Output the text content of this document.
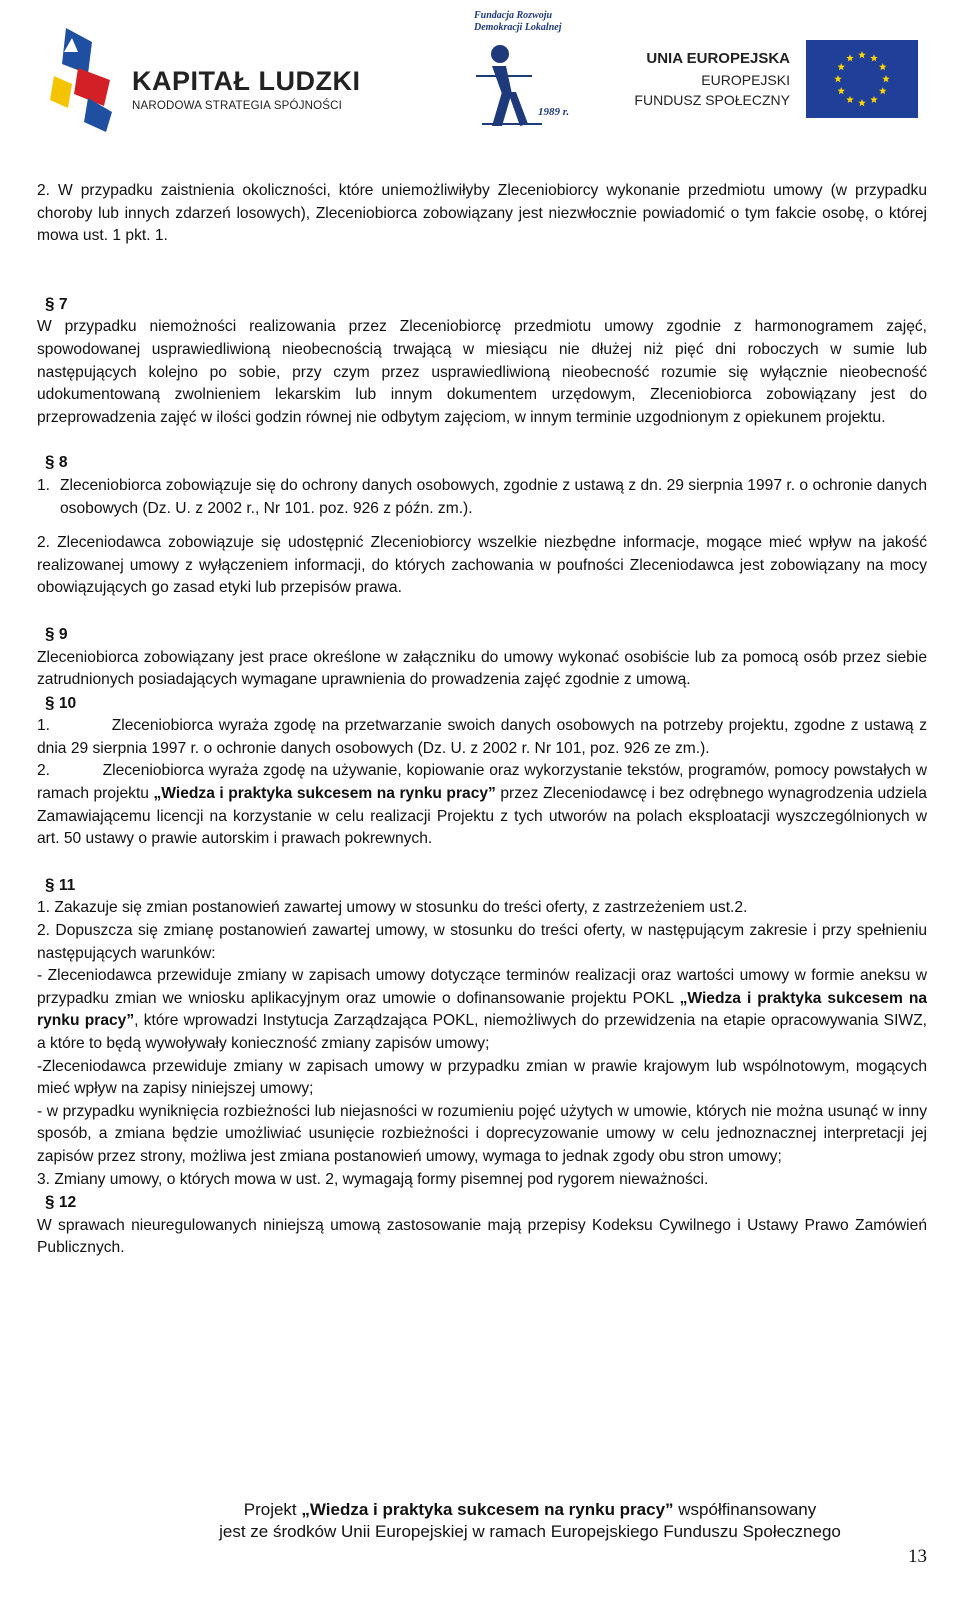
KAPITAŁ LUDZKI
NARODOWA STRATEGIA SPÓJNOŚCI
Fundacja Rozwoju
Demokracji Lokalnej
1989 r.
UNIA EUROPEJSKA
EUROPEJSKI
FUNDUSZ SPOŁECZNY

2. W przypadku zaistnienia okoliczności, które uniemożliwiłyby Zleceniobiorcy wykonanie przedmiotu umowy (w przypadku choroby lub innych zdarzeń losowych), Zleceniobiorca zobowiązany jest niezwłocznie powiadomić o tym fakcie osobę, o której mowa ust. 1 pkt. 1.

§ 7

W przypadku niemożności realizowania przez Zleceniobiorcę przedmiotu umowy zgodnie z harmonogramem zajęć, spowodowanej usprawiedliwioną nieobecnością trwającą w miesiącu nie dłużej niż pięć dni roboczych w sumie lub następujących kolejno po sobie, przy czym przez usprawiedliwioną nieobecność rozumie się wyłącznie nieobecność udokumentowaną zwolnieniem lekarskim lub innym dokumentem urzędowym, Zleceniobiorca zobowiązany jest do przeprowadzenia zajęć w ilości godzin równej nie odbytym zajęciom, w innym terminie uzgodnionym z opiekunem projektu.

§ 8

1. Zleceniobiorca zobowiązuje się do ochrony danych osobowych, zgodnie z ustawą z dn. 29 sierpnia 1997 r. o ochronie danych osobowych (Dz. U. z 2002 r., Nr 101. poz. 926 z późn. zm.).

2. Zleceniodawca zobowiązuje się udostępnić Zleceniobiorcy wszelkie niezbędne informacje, mogące mieć wpływ na jakość realizowanej umowy z wyłączeniem informacji, do których zachowania w poufności Zleceniodawca jest zobowiązany na mocy obowiązujących go zasad etyki lub przepisów prawa.

§ 9

Zleceniobiorca zobowiązany jest prace określone w załączniku do umowy wykonać osobiście lub za pomocą osób przez siebie zatrudnionych posiadających wymagane uprawnienia do prowadzenia zajęć zgodnie z umową.

§ 10

1.	Zleceniobiorca wyraża zgodę na przetwarzanie swoich danych osobowych na potrzeby projektu, zgodne z ustawą z dnia 29 sierpnia 1997 r. o ochronie danych osobowych (Dz. U. z 2002 r. Nr 101, poz. 926 ze zm.).

2.	Zleceniobiorca wyraża zgodę na używanie, kopiowanie oraz wykorzystanie tekstów, programów, pomocy powstałych w ramach projektu „Wiedza i praktyka sukcesem na rynku pracy” przez Zleceniodawcę i bez odrębnego wynagrodzenia udziela Zamawiającemu licencji na korzystanie w celu realizacji Projektu z tych utworów na polach eksploatacji wyszczególnionych w art. 50 ustawy o prawie autorskim i prawach pokrewnych.

§ 11

1. Zakazuje się zmian postanowień zawartej umowy w stosunku do treści oferty, z zastrzeżeniem ust.2.

2. Dopuszcza się zmianę postanowień zawartej umowy, w stosunku do treści oferty, w następującym zakresie i przy spełnieniu następujących warunków:

- Zleceniodawca przewiduje zmiany w zapisach umowy dotyczące terminów realizacji oraz wartości umowy w formie aneksu w przypadku zmian we wniosku aplikacyjnym oraz umowie o dofinansowanie projektu POKL „Wiedza i praktyka sukcesem na rynku pracy”, które wprowadzi Instytucja Zarządzająca POKL, niemożliwych do przewidzenia na etapie opracowywania SIWZ, a które to będą wywoływały konieczność zmiany zapisów umowy;

-Zleceniodawca przewiduje zmiany w zapisach umowy w przypadku zmian w prawie krajowym lub wspólnotowym, mogących mieć wpływ na zapisy niniejszej umowy;

- w przypadku wyniknięcia rozbieżności lub niejasności w rozumieniu pojęć użytych w umowie, których nie można usunąć w inny sposób, a zmiana będzie umożliwiać usunięcie rozbieżności i doprecyzowanie umowy w celu jednoznacznej interpretacji jej zapisów przez strony, możliwa jest zmiana postanowień umowy, wymaga to jednak zgody obu stron umowy;

3. Zmiany umowy, o których mowa w ust. 2, wymagają formy pisemnej pod rygorem nieważności.

§ 12

W sprawach nieuregulowanych niniejszą umową zastosowanie mają przepisy Kodeksu Cywilnego i Ustawy Prawo Zamówień Publicznych.

Projekt „Wiedza i praktyka sukcesem na rynku pracy” współfinansowany
jest ze środków Unii Europejskiej w ramach Europejskiego Funduszu Społecznego
13
